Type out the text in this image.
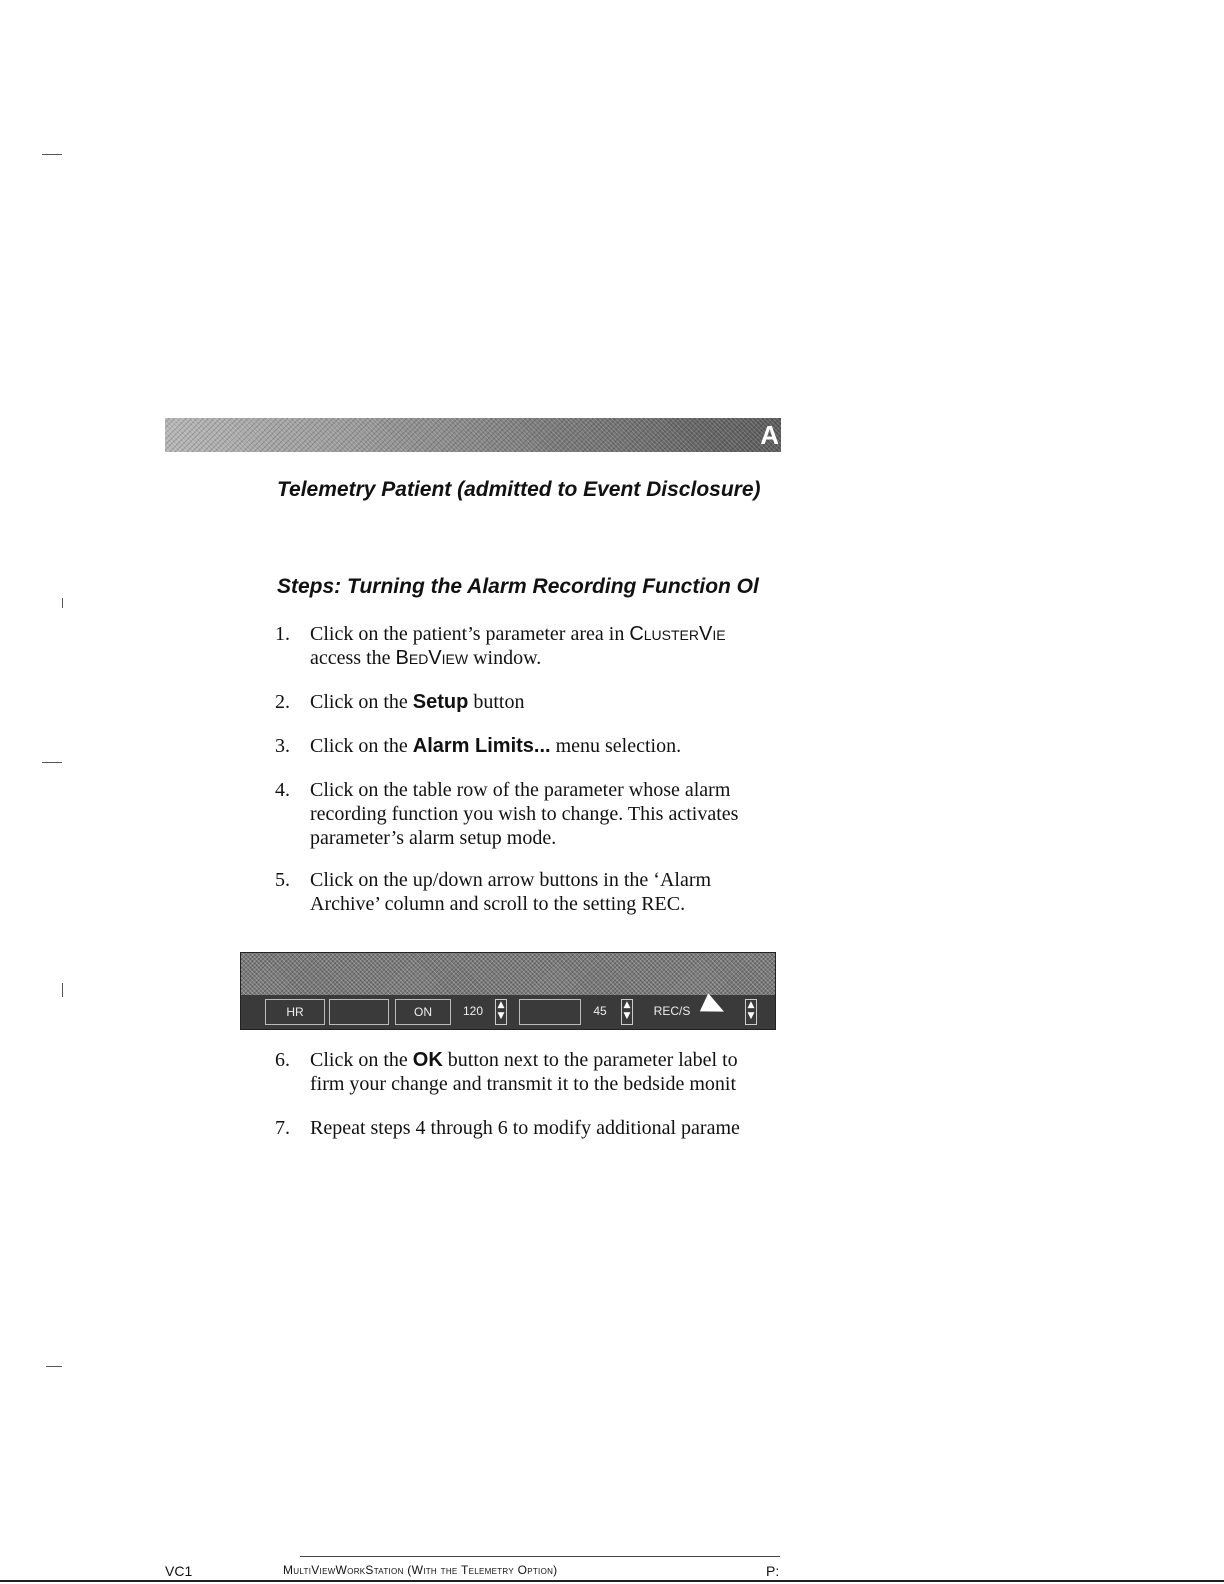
A
Telemetry Patient (admitted to Event Disclosure)
Steps: Turning the Alarm Recording Function Ol
1.	Click on the patient’s parameter area in ClusterVie
access the BedView window.
2.	Click on the Setup button
3.	Click on the Alarm Limits... menu selection.
4.	Click on the table row of the parameter whose alarm
recording function you wish to change. This activates
parameter’s alarm setup mode.
5.	Click on the up/down arrow buttons in the ‘Alarm
Archive’ column and scroll to the setting REC.
6.	Click on the OK button next to the parameter label to
firm your change and transmit it to the bedside monit
7.	Repeat steps 4 through 6 to modify additional parame
HR	ON	120	▲
▼	45	▲
▼	REC/S	▲
▼
VC1	MultiViewWorkStation (With the Telemetry Option)	P:
